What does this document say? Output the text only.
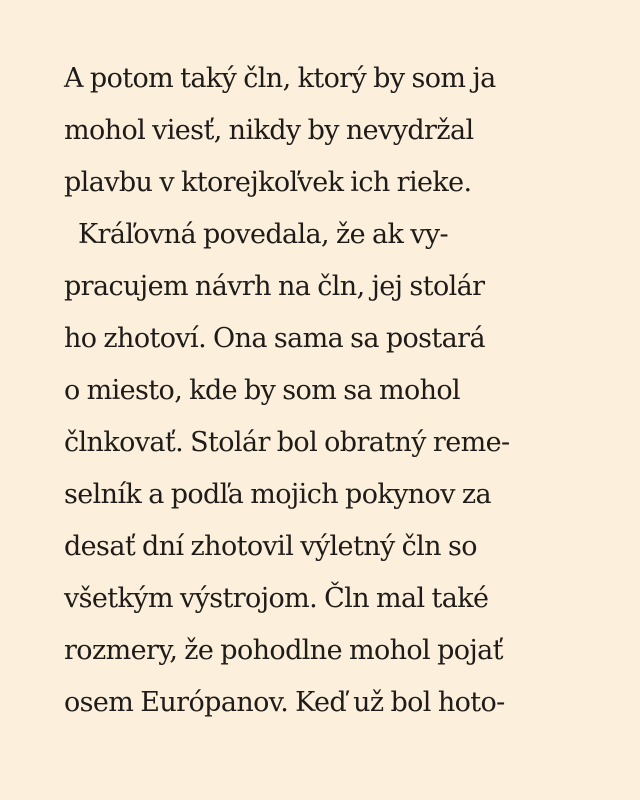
A potom taký čln, ktorý by som ja
mohol viesť, nikdy by nevydržal
plavbu v ktorejkoľvek ich rieke.
Kráľovná povedala, že ak vy-
pracujem návrh na čln, jej stolár
ho zhotoví. Ona sama sa postará
o miesto, kde by som sa mohol
člnkovať. Stolár bol obratný reme-
selník a podľa mojich pokynov za
desať dní zhotovil výletný čln so
všetkým výstrojom. Čln mal také
rozmery, že pohodlne mohol pojať
osem Európanov. Keď už bol hoto-
